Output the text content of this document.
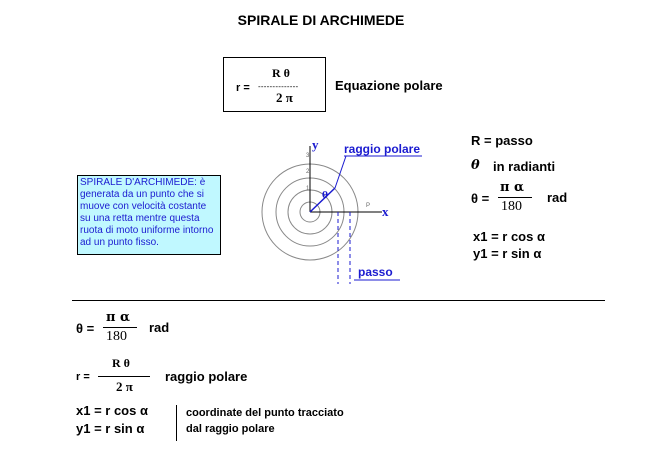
SPIRALE DI ARCHIMEDE
r =
R θ
- - - - - - - - - - - - - -
2 π
Equazione polare
SPIRALE D'ARCHIMEDE: è generata da un punto che si muove con velocità costante su una retta mentre questa ruota di moto uniforme intorno ad un punto fisso.
y
x
raggio polare
passo
θ
P
1
2
3
R = passo
θ in radianti
θ =
π α
180
rad
x1 = r cos α
y1 = r sin α
θ =
π α
180
rad
r =
R θ
2 π
raggio polare
x1 = r cos α
y1 = r sin α
coordinate del punto tracciato
dal raggio polare
